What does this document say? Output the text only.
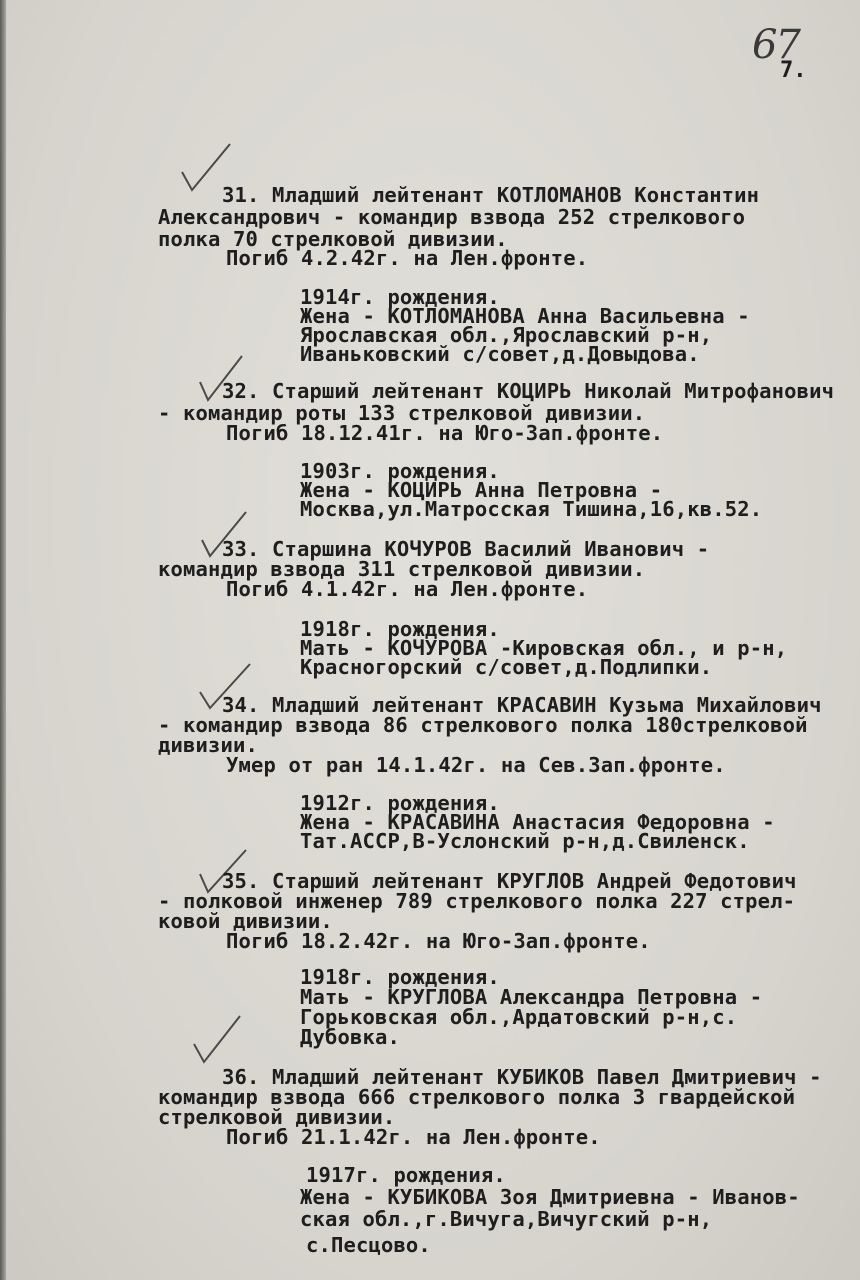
67
7.
31. Младший лейтенант КОТЛОМАНОВ Константин
Александрович - командир взвода 252 стрелкового
полка 70 стрелковой дивизии.
Погиб 4.2.42г. на Лен.фронте.
1914г. рождения.
Жена - КОТЛОМАНОВА Анна Васильевна -
Ярославская обл.,Ярославский р-н,
Иваньковский с/совет,д.Довыдова.
32. Старший лейтенант КОЦИРЬ Николай Митрофанович
- командир роты 133 стрелковой дивизии.
Погиб 18.12.41г. на Юго-Зап.фронте.
1903г. рождения.
Жена - КОЦИРЬ Анна Петровна -
Москва,ул.Матросская Тишина,16,кв.52.
33. Старшина КОЧУРОВ Василий Иванович -
командир взвода 311 стрелковой дивизии.
Погиб 4.1.42г. на Лен.фронте.
1918г. рождения.
Мать - КОЧУРОВА -Кировская обл., и р-н,
Красногорский с/совет,д.Подлипки.
34. Младший лейтенант КРАСАВИН Кузьма Михайлович
- командир взвода 86 стрелкового полка 180стрелковой
дивизии.
Умер от ран 14.1.42г. на Сев.Зап.фронте.
1912г. рождения.
Жена - КРАСАВИНА Анастасия Федоровна -
Тат.АССР,В-Услонский р-н,д.Свиленск.
35. Старший лейтенант КРУГЛОВ Андрей Федотович
- полковой инженер 789 стрелкового полка 227 стрел-
ковой дивизии.
Погиб 18.2.42г. на Юго-Зап.фронте.
1918г. рождения.
Мать - КРУГЛОВА Александра Петровна -
Горьковская обл.,Ардатовский р-н,с.
Дубовка.
36. Младший лейтенант КУБИКОВ Павел Дмитриевич -
командир взвода 666 стрелкового полка 3 гвардейской
стрелковой дивизии.
Погиб 21.1.42г. на Лен.фронте.
1917г. рождения.
Жена - КУБИКОВА Зоя Дмитриевна - Иванов-
ская обл.,г.Вичуга,Вичугский р-н,
с.Песцово.
